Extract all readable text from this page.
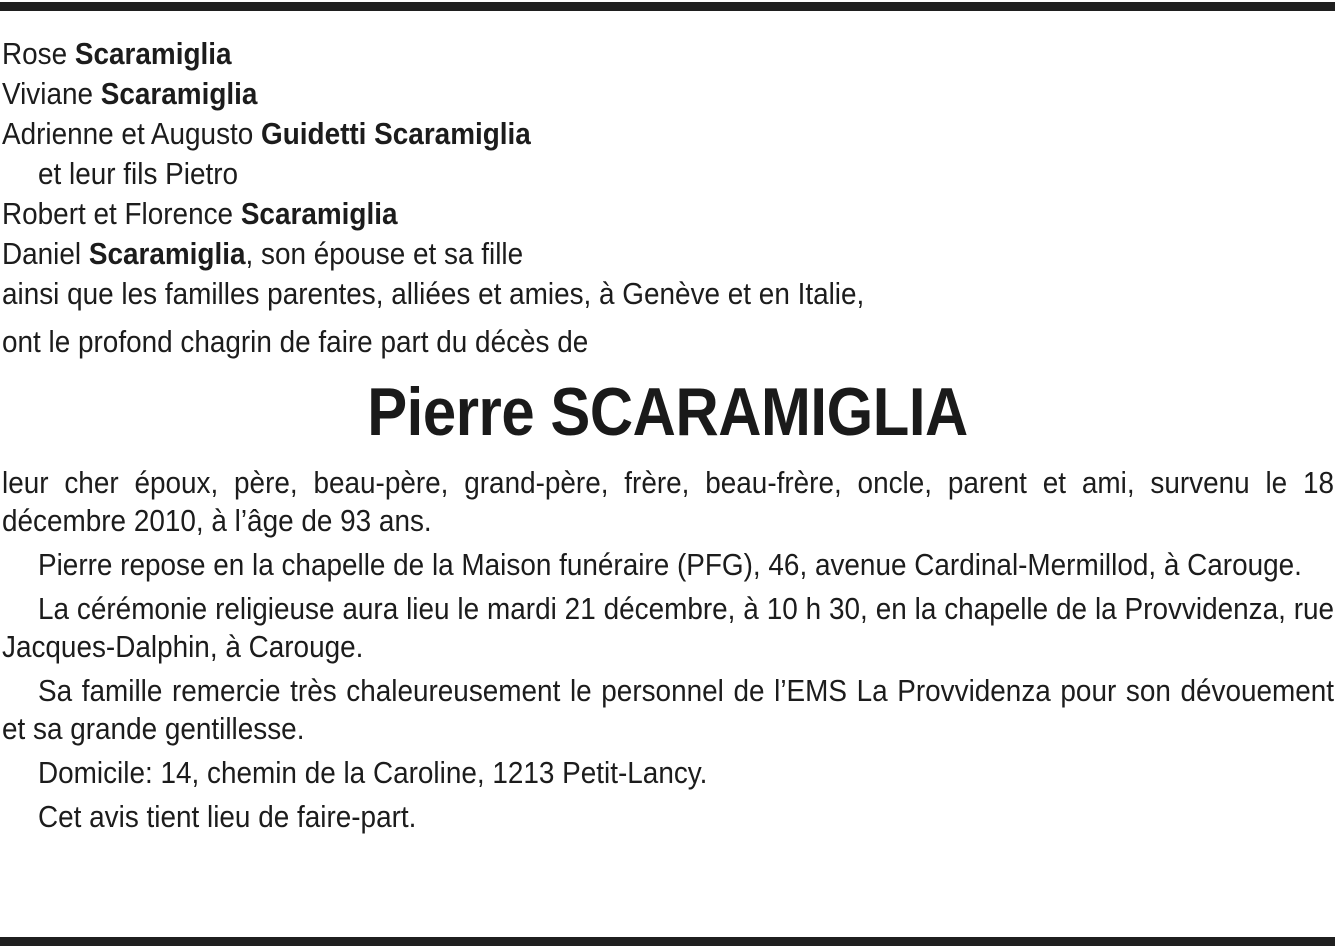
Rose Scaramiglia
Viviane Scaramiglia
Adrienne et Augusto Guidetti Scaramiglia
et leur fils Pietro
Robert et Florence Scaramiglia
Daniel Scaramiglia, son épouse et sa fille
ainsi que les familles parentes, alliées et amies, à Genève et en Italie,
ont le profond chagrin de faire part du décès de
Pierre SCARAMIGLIA
leur cher époux, père, beau-père, grand-père, frère, beau-frère, oncle, parent et ami, survenu le 18 décembre 2010, à l’âge de 93 ans.
Pierre repose en la chapelle de la Maison funéraire (PFG), 46, avenue Cardinal-Mermillod, à Carouge.
La cérémonie religieuse aura lieu le mardi 21 décembre, à 10 h 30, en la chapelle de la Provvidenza, rue Jacques-Dalphin, à Carouge.
Sa famille remercie très chaleureusement le personnel de l’EMS La Provvidenza pour son dévouement et sa grande gentillesse.
Domicile: 14, chemin de la Caroline, 1213 Petit-Lancy.
Cet avis tient lieu de faire-part.
